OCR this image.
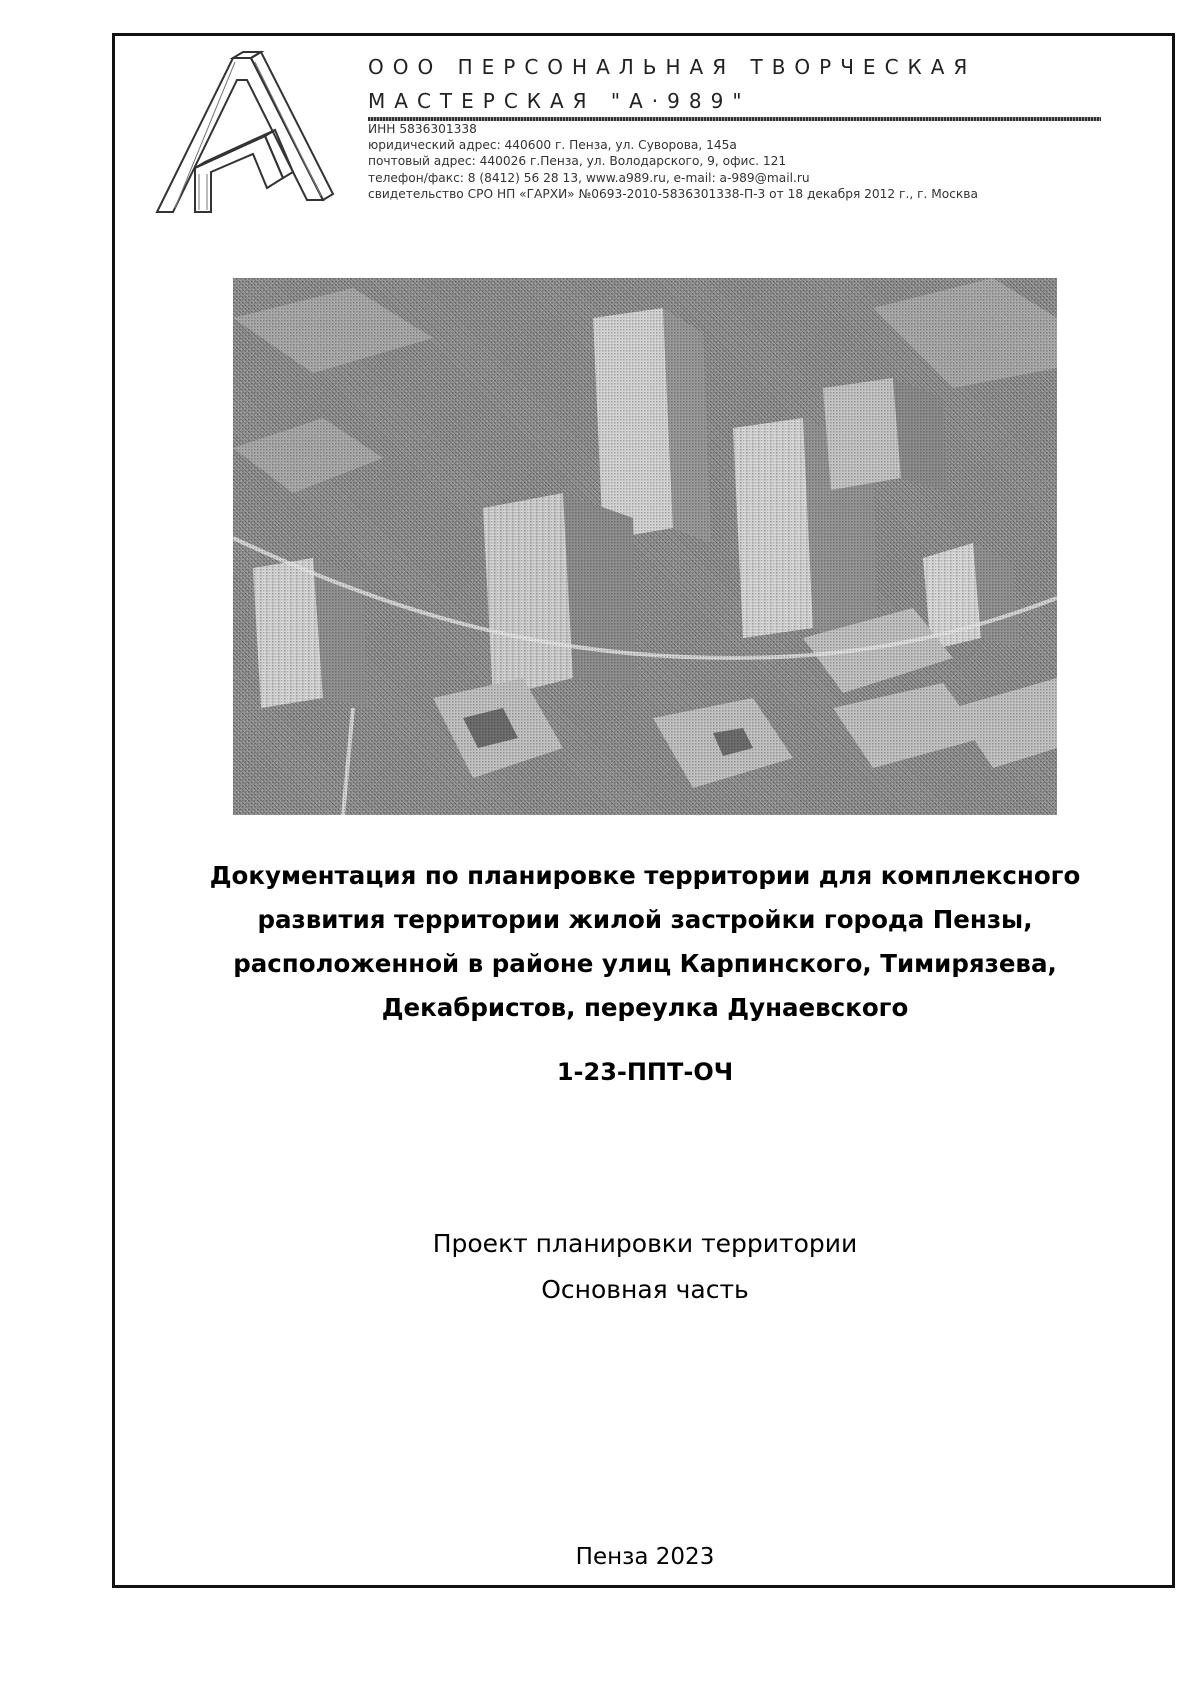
ООО ПЕРСОНАЛЬНАЯ ТВОРЧЕСКАЯ
МАСТЕРСКАЯ "А·989"
ИНН 5836301338
юридический адрес: 440600 г. Пенза, ул. Суворова, 145а
почтовый адрес: 440026 г.Пенза, ул. Володарского, 9, офис. 121
телефон/факс: 8 (8412) 56 28 13, www.a989.ru, e-mail: a-989@mail.ru
свидетельство СРО НП «ГАРХИ» №0693-2010-5836301338-П-3 от 18 декабря 2012 г., г. Москва
Документация по планировке территории для комплексного
развития территории жилой застройки города Пензы,
расположенной в районе улиц Карпинского, Тимирязева,
Декабристов, переулка Дунаевского
1-23-ППТ-ОЧ
Проект планировки территории
Основная часть
Пенза 2023
